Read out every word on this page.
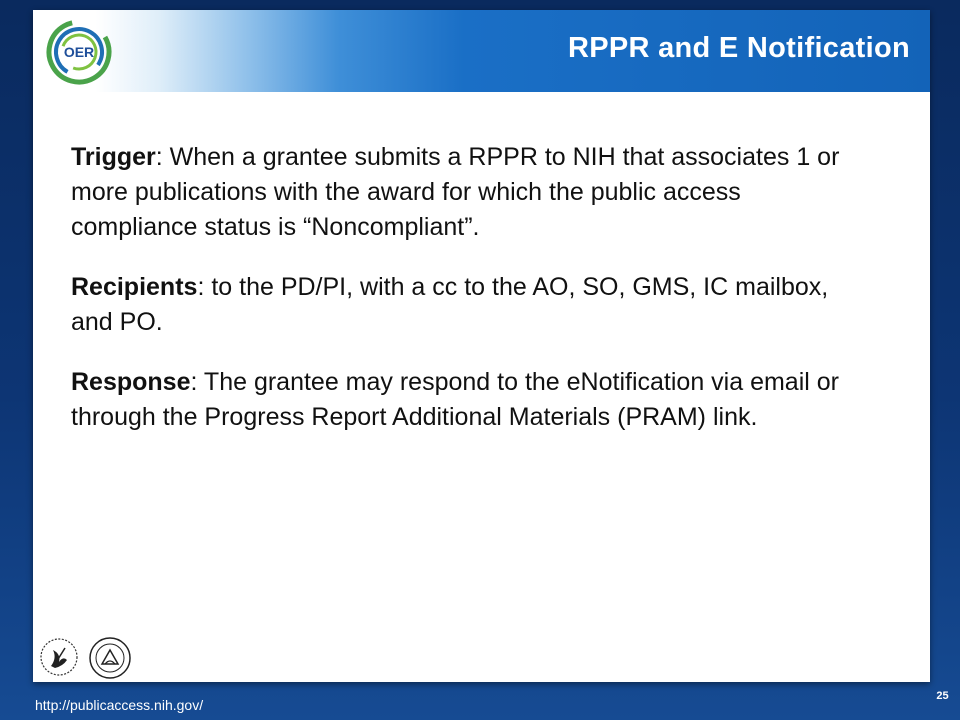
OER	RPPR and E Notification

Trigger: When a grantee submits a RPPR to NIH that associates 1 or more publications with the award for which the public access compliance status is “Noncompliant”.

Recipients: to the PD/PI, with a cc to the AO, SO, GMS, IC mailbox, and PO.

Response: The grantee may respond to the eNotification via email or through the Progress Report Additional Materials (PRAM) link.

http://publicaccess.nih.gov/
25
